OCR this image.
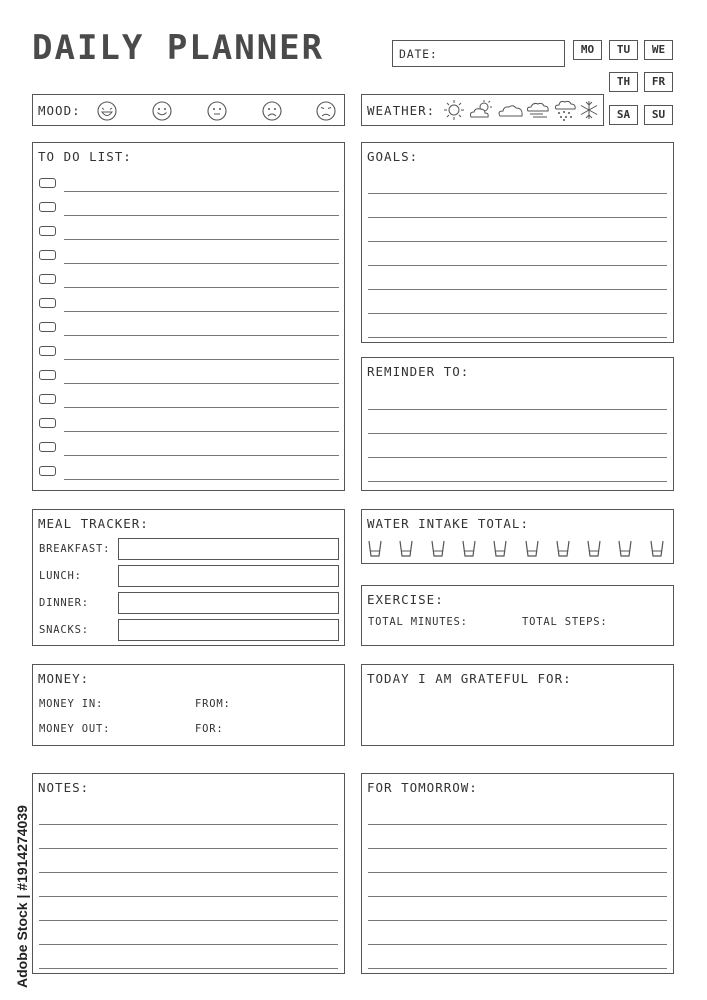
DAILY PLANNER	DATE:	MO	TU	WE
TH	FR
SA	SU
MOOD:	WEATHER:
TO DO LIST:	GOALS:
REMINDER TO:
MEAL TRACKER:
BREAKFAST:
LUNCH:
DINNER:
SNACKS:
WATER INTAKE TOTAL:
EXERCISE:
TOTAL MINUTES:	TOTAL STEPS:
MONEY:
MONEY IN:	FROM:
MONEY OUT:	FOR:
TODAY I AM GRATEFUL FOR:
NOTES:	FOR TOMORROW:
Adobe Stock | #191427403​9
